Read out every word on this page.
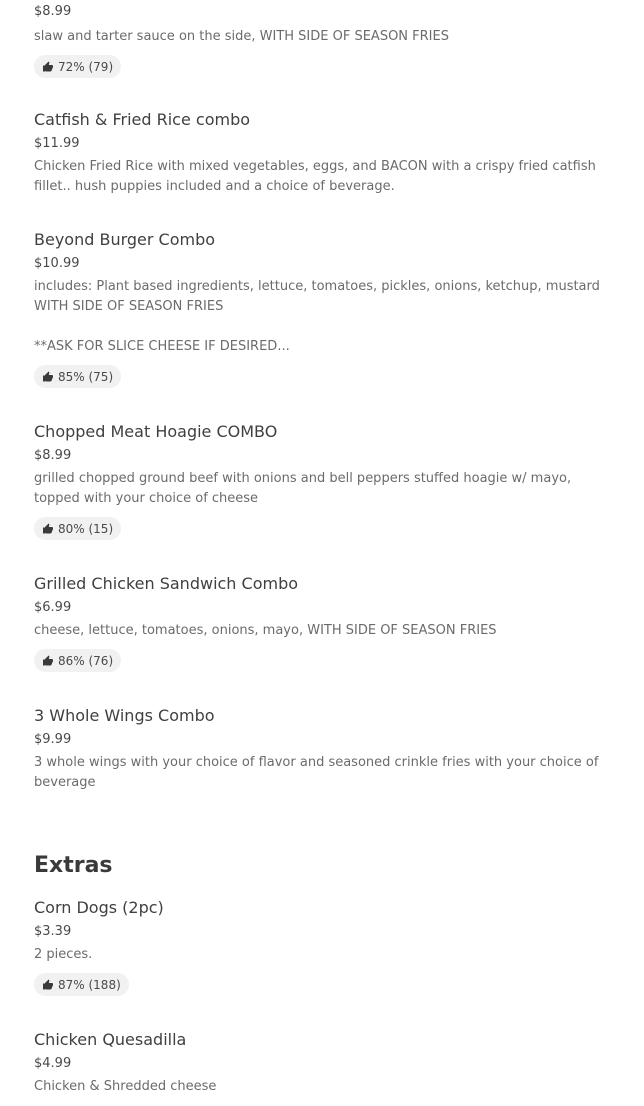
$8.99
slaw and tarter sauce on the side, WITH SIDE OF SEASON FRIES
72% (79)
Catfish & Fried Rice combo
$11.99
Chicken Fried Rice with mixed vegetables, eggs, and BACON with a crispy fried catfish fillet.. hush puppies included and a choice of beverage.
Beyond Burger Combo
$10.99
includes: Plant based ingredients, lettuce, tomatoes, pickles, onions, ketchup, mustard WITH SIDE OF SEASON FRIES

**ASK FOR SLICE CHEESE IF DESIRED...
85% (75)
Chopped Meat Hoagie COMBO
$8.99
grilled chopped ground beef with onions and bell peppers stuffed hoagie w/ mayo, topped with your choice of cheese
80% (15)
Grilled Chicken Sandwich Combo
$6.99
cheese, lettuce, tomatoes, onions, mayo, WITH SIDE OF SEASON FRIES
86% (76)
3 Whole Wings Combo
$9.99
3 whole wings with your choice of flavor and seasoned crinkle fries with your choice of beverage
Extras
Corn Dogs (2pc)
$3.39
2 pieces.
87% (188)
Chicken Quesadilla
$4.99
Chicken & Shredded cheese
